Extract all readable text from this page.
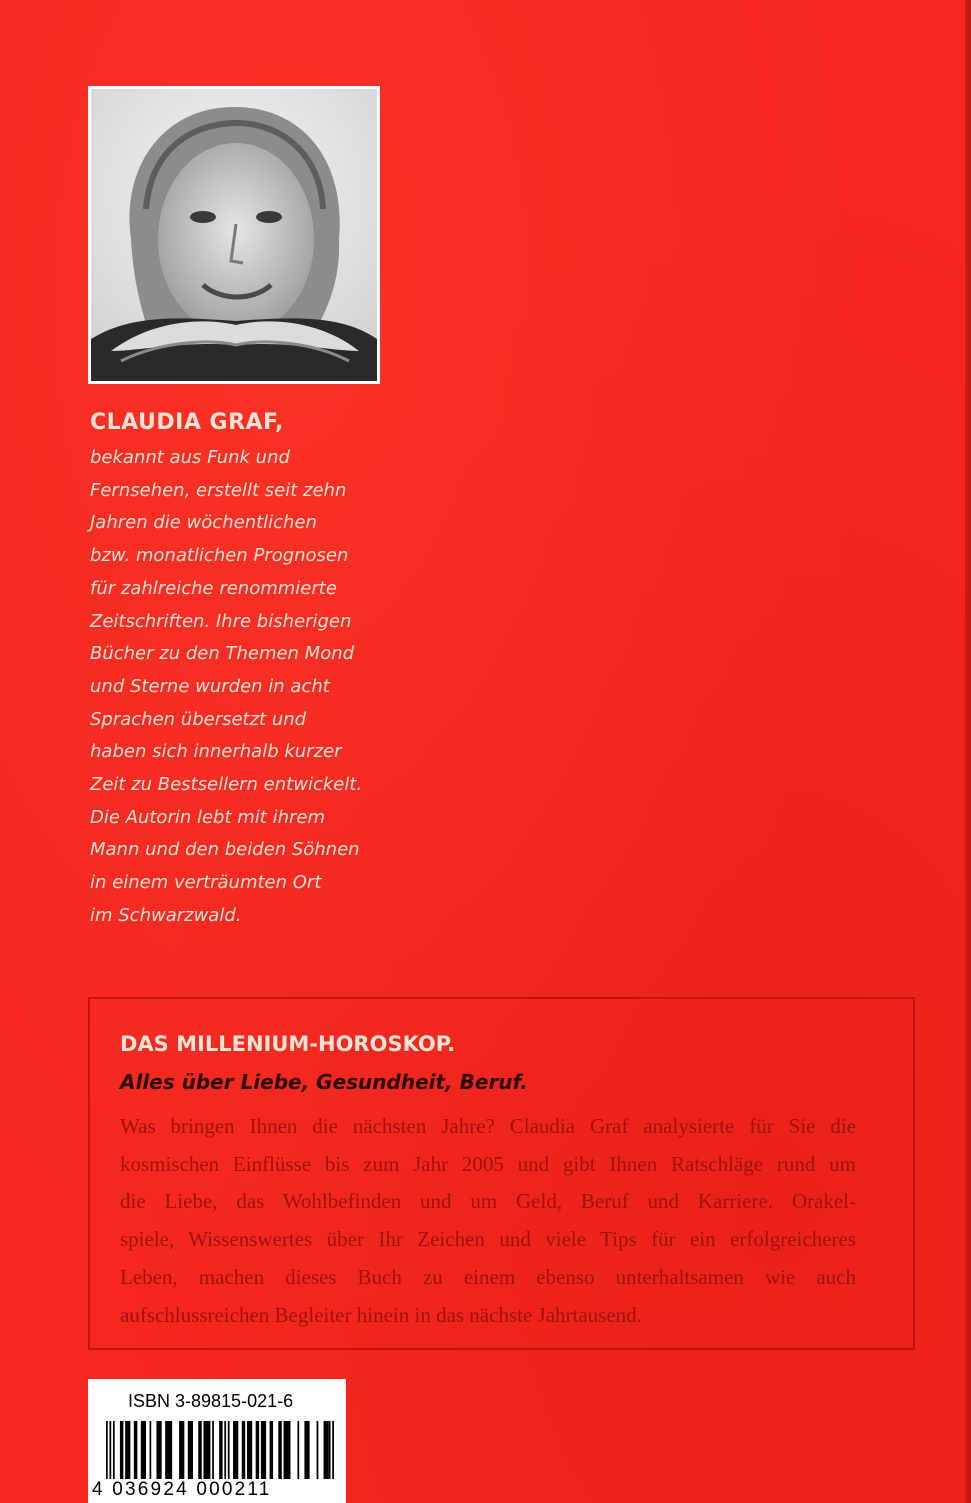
CLAUDIA GRAF,
bekannt aus Funk und
Fernsehen, erstellt seit zehn
Jahren die wöchentlichen
bzw. monatlichen Prognosen
für zahlreiche renommierte
Zeitschriften. Ihre bisherigen
Bücher zu den Themen Mond
und Sterne wurden in acht
Sprachen übersetzt und
haben sich innerhalb kurzer
Zeit zu Bestsellern entwickelt.
Die Autorin lebt mit ihrem
Mann und den beiden Söhnen
in einem verträumten Ort
im Schwarzwald.
DAS MILLENIUM-HOROSKOP.
Alles über Liebe, Gesundheit, Beruf.
Was bringen Ihnen die nächsten Jahre? Claudia Graf analysierte für Sie die
kosmischen Einflüsse bis zum Jahr 2005 und gibt Ihnen Ratschläge rund um
die Liebe, das Wohlbefinden und um Geld, Beruf und Karriere. Orakel-
spiele, Wissenswertes über Ihr Zeichen und viele Tips für ein erfolgreicheres
Leben, machen dieses Buch zu einem ebenso unterhaltsamen wie auch
aufschlussreichen Begleiter hinein in das nächste Jahrtausend.
ISBN 3-89815-021-6
4 036924 000211
